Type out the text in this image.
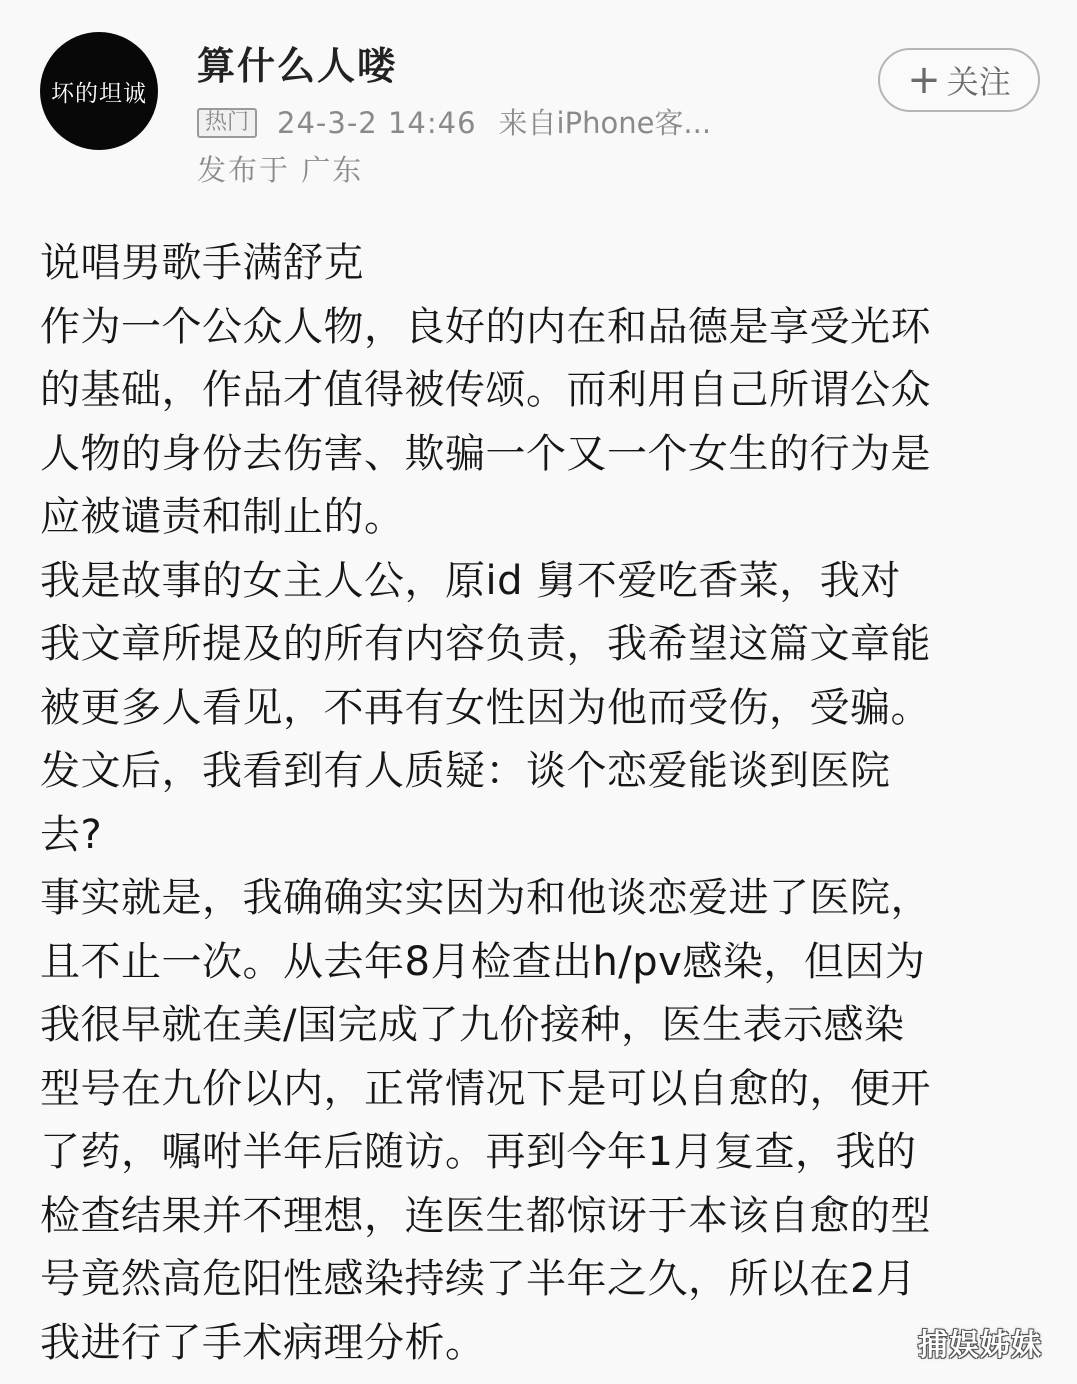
坏的坦诚
算什么人喽
热门 24-3-2 14:46 来自iPhone客...
发布于 广东
+ 关注
说唱男歌手满舒克
作为一个公众人物，良好的内在和品德是享受光环
的基础，作品才值得被传颂。而利用自己所谓公众
人物的身份去伤害、欺骗一个又一个女生的行为是
应被谴责和制止的。
我是故事的女主人公，原id 舅不爱吃香菜，我对
我文章所提及的所有内容负责，我希望这篇文章能
被更多人看见，不再有女性因为他而受伤，受骗。
发文后，我看到有人质疑：谈个恋爱能谈到医院
去?
事实就是，我确确实实因为和他谈恋爱进了医院，
且不止一次。从去年8月检查出h/pv感染，但因为
我很早就在美/国完成了九价接种，医生表示感染
型号在九价以内，正常情况下是可以自愈的，便开
了药，嘱咐半年后随访。再到今年1月复查，我的
检查结果并不理想，连医生都惊讶于本该自愈的型
号竟然高危阳性感染持续了半年之久，所以在2月
我进行了手术病理分析。	捕娱姊妹
